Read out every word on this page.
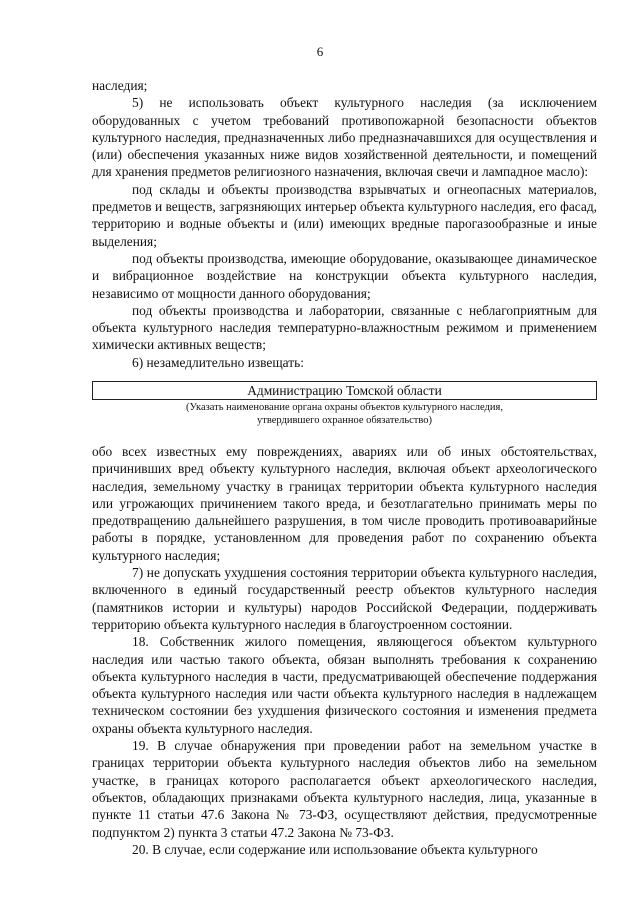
6

наследия;

5) не использовать объект культурного наследия (за исключением оборудованных с учетом требований противопожарной безопасности объектов культурного наследия, предназначенных либо предназначавшихся для осуществления и (или) обеспечения указанных ниже видов хозяйственной деятельности, и помещений для хранения предметов религиозного назначения, включая свечи и лампадное масло):

под склады и объекты производства взрывчатых и огнеопасных материалов, предметов и веществ, загрязняющих интерьер объекта культурного наследия, его фасад, территорию и водные объекты и (или) имеющих вредные парогазообразные и иные выделения;

под объекты производства, имеющие оборудование, оказывающее динамическое и вибрационное воздействие на конструкции объекта культурного наследия, независимо от мощности данного оборудования;

под объекты производства и лаборатории, связанные с неблагоприятным для объекта культурного наследия температурно-влажностным режимом и применением химически активных веществ;

6) незамедлительно извещать:

Администрацию Томской области
(Указать наименование органа охраны объектов культурного наследия,
утвердившего охранное обязательство)

обо всех известных ему повреждениях, авариях или об иных обстоятельствах, причинивших вред объекту культурного наследия, включая объект археологического наследия, земельному участку в границах территории объекта культурного наследия или угрожающих причинением такого вреда, и безотлагательно принимать меры по предотвращению дальнейшего разрушения, в том числе проводить противоаварийные работы в порядке, установленном для проведения работ по сохранению объекта культурного наследия;

7) не допускать ухудшения состояния территории объекта культурного наследия, включенного в единый государственный реестр объектов культурного наследия (памятников истории и культуры) народов Российской Федерации, поддерживать территорию объекта культурного наследия в благоустроенном состоянии.

18. Собственник жилого помещения, являющегося объектом культурного наследия или частью такого объекта, обязан выполнять требования к сохранению объекта культурного наследия в части, предусматривающей обеспечение поддержания объекта культурного наследия или части объекта культурного наследия в надлежащем техническом состоянии без ухудшения физического состояния и изменения предмета охраны объекта культурного наследия.

19. В случае обнаружения при проведении работ на земельном участке в границах территории объекта культурного наследия объектов либо на земельном участке, в границах которого располагается объект археологического наследия, объектов, обладающих признаками объекта культурного наследия, лица, указанные в пункте 11 статьи 47.6 Закона № 73-ФЗ, осуществляют действия, предусмотренные подпунктом 2) пункта 3 статьи 47.2 Закона № 73-ФЗ.

20. В случае, если содержание или использование объекта культурного
